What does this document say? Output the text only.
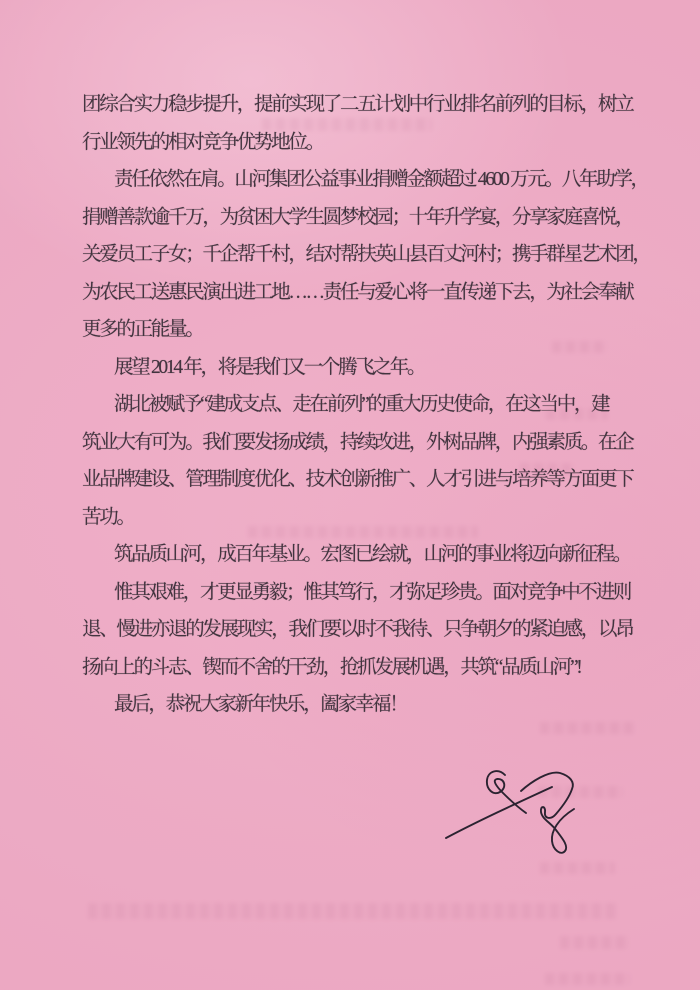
团综合实力稳步提升，提前实现了二五计划中行业排名前列的目标，树立
行业领先的相对竞争优势地位。
责任依然在肩。山河集团公益事业捐赠金额超过 4600 万元。八年助学，
捐赠善款逾千万，为贫困大学生圆梦校园；十年升学宴，分享家庭喜悦，
关爱员工子女；千企帮千村，结对帮扶英山县百丈河村；携手群星艺术团，
为农民工送惠民演出进工地……责任与爱心将一直传递下去，为社会奉献
更多的正能量。
展望 2014 年，将是我们又一个腾飞之年。
湖北被赋予“建成支点、走在前列”的重大历史使命，在这当中，建
筑业大有可为。我们要发扬成绩，持续改进，外树品牌，内强素质。在企
业品牌建设、管理制度优化、技术创新推广、人才引进与培养等方面更下
苦功。
筑品质山河，成百年基业。宏图已绘就，山河的事业将迈向新征程。
惟其艰难，才更显勇毅；惟其笃行，才弥足珍贵。面对竞争中不进则
退、慢进亦退的发展现实，我们要以时不我待、只争朝夕的紧迫感，以昂
扬向上的斗志、锲而不舍的干劲，抢抓发展机遇，共筑“品质山河”!
最后，恭祝大家新年快乐，阖家幸福！
